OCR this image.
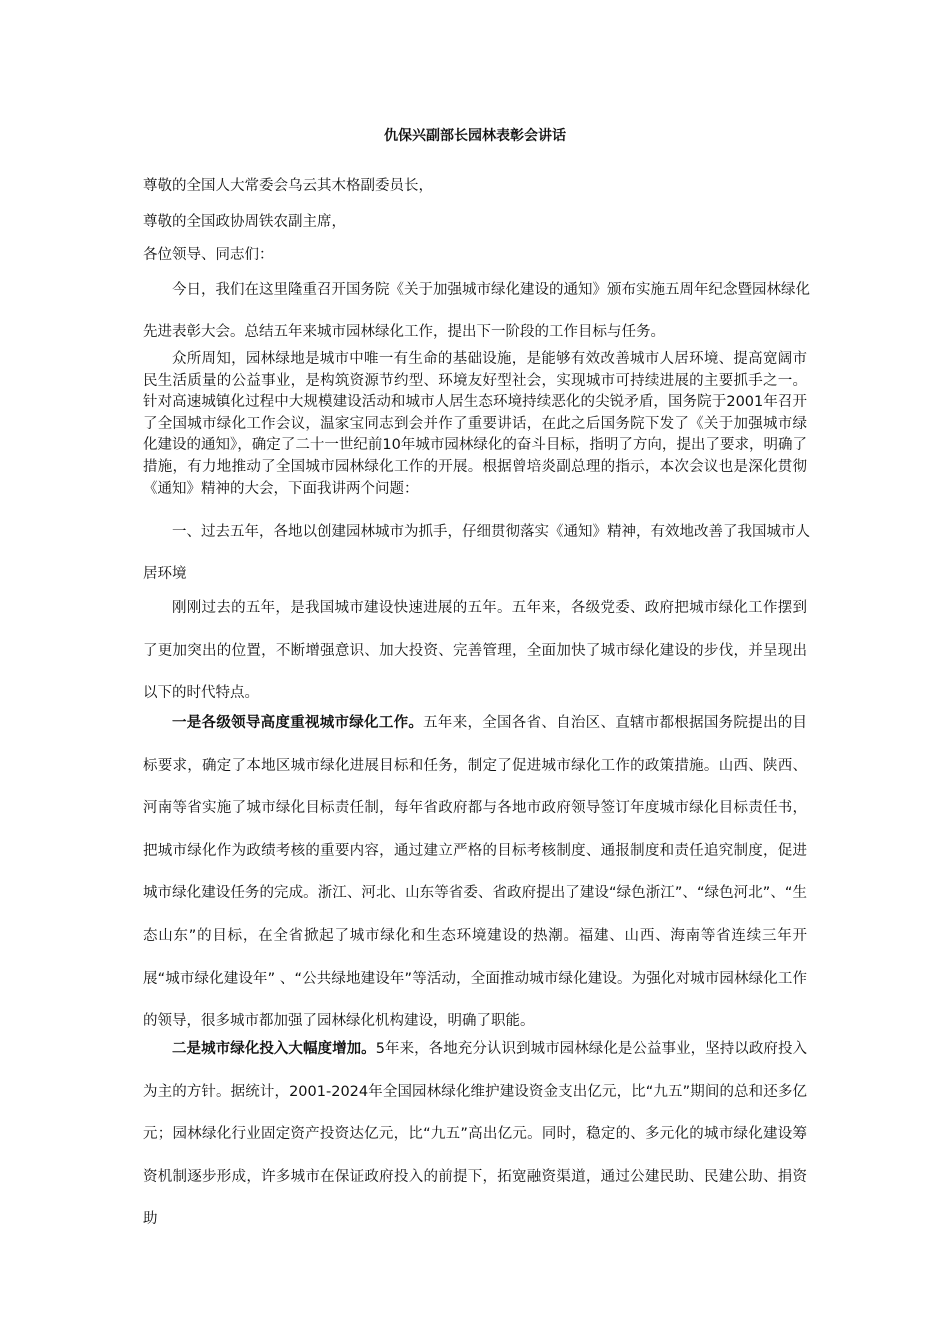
仇保兴副部长园林表彰会讲话
尊敬的全国人大常委会乌云其木格副委员长，
尊敬的全国政协周铁农副主席，
各位领导、同志们：
今日，我们在这里隆重召开国务院《关于加强城市绿化建设的通知》颁布实施五周年纪念暨园林绿化
先进表彰大会。总结五年来城市园林绿化工作，提出下一阶段的工作目标与任务。

众所周知，园林绿地是城市中唯一有生命的基础设施，是能够有效改善城市人居环境、提高宽阔市民生活质量的公益事业，是构筑资源节约型、环境友好型社会，实现城市可持续进展的主要抓手之一。针对高速城镇化过程中大规模建设活动和城市人居生态环境持续恶化的尖锐矛盾，国务院于2001年召开了全国城市绿化工作会议，温家宝同志到会并作了重要讲话，在此之后国务院下发了《关于加强城市绿化建设的通知》，确定了二十一世纪前10年城市园林绿化的奋斗目标，指明了方向，提出了要求，明确了措施，有力地推动了全国城市园林绿化工作的开展。根据曾培炎副总理的指示，本次会议也是深化贯彻《通知》精神的大会，下面我讲两个问题：

一、过去五年，各地以创建园林城市为抓手，仔细贯彻落实《通知》精神，有效地改善了我国城市人
居环境

刚刚过去的五年，是我国城市建设快速进展的五年。五年来，各级党委、政府把城市绿化工作摆到了更加突出的位置，不断增强意识、加大投资、完善管理，全面加快了城市绿化建设的步伐，并呈现出以下的时代特点。

一是各级领导高度重视城市绿化工作。五年来，全国各省、自治区、直辖市都根据国务院提出的目标要求，确定了本地区城市绿化进展目标和任务，制定了促进城市绿化工作的政策措施。山西、陕西、河南等省实施了城市绿化目标责任制，每年省政府都与各地市政府领导签订年度城市绿化目标责任书，把城市绿化作为政绩考核的重要内容，通过建立严格的目标考核制度、通报制度和责任追究制度，促进城市绿化建设任务的完成。浙江、河北、山东等省委、省政府提出了建设“绿色浙江”、“绿色河北”、“生态山东”的目标，在全省掀起了城市绿化和生态环境建设的热潮。福建、山西、海南等省连续三年开展“城市绿化建设年” 、“公共绿地建设年”等活动，全面推动城市绿化建设。为强化对城市园林绿化工作的领导，很多城市都加强了园林绿化机构建设，明确了职能。

二是城市绿化投入大幅度增加。5年来，各地充分认识到城市园林绿化是公益事业，坚持以政府投入为主的方针。据统计，2001-2024年全国园林绿化维护建设资金支出亿元，比“九五”期间的总和还多亿元；园林绿化行业固定资产投资达亿元，比“九五”高出亿元。同时，稳定的、多元化的城市绿化建设筹资机制逐步形成，许多城市在保证政府投入的前提下，拓宽融资渠道，通过公建民助、民建公助、捐资助
